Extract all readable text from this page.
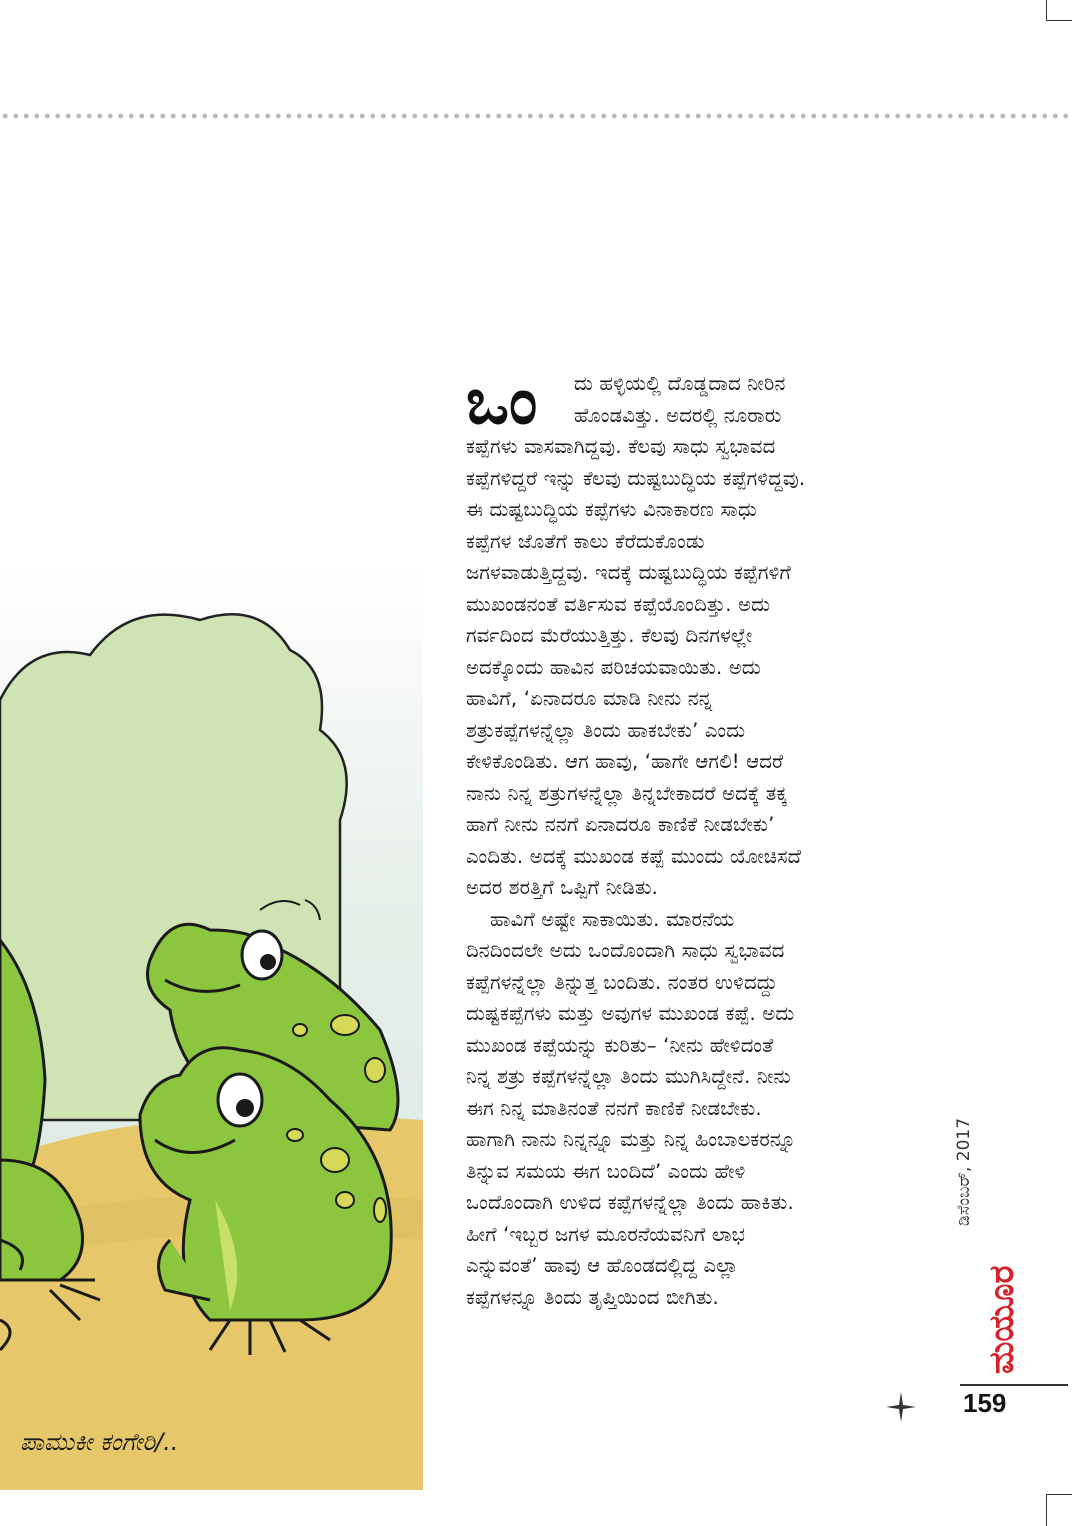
ಪಾಮುಕೀ ಕಂಗೇರಿ/..
ಒಂ	ದು ಹಳ್ಳಿಯಲ್ಲಿ ದೊಡ್ಡದಾದ ನೀರಿನ
ಹೊಂಡವಿತ್ತು. ಅದರಲ್ಲಿ ನೂರಾರು
ಕಪ್ಪೆಗಳು ವಾಸವಾಗಿದ್ದವು. ಕೆಲವು ಸಾಧು ಸ್ವಭಾವದ
ಕಪ್ಪೆಗಳಿದ್ದರೆ ಇನ್ನು ಕೆಲವು ದುಷ್ಟಬುದ್ಧಿಯ ಕಪ್ಪೆಗಳಿದ್ದವು.
ಈ ದುಷ್ಟಬುದ್ಧಿಯ ಕಪ್ಪೆಗಳು ವಿನಾಕಾರಣ ಸಾಧು
ಕಪ್ಪೆಗಳ ಜೊತೆಗೆ ಕಾಲು ಕೆರೆದುಕೊಂಡು
ಜಗಳವಾಡುತ್ತಿದ್ದವು. ಇದಕ್ಕೆ ದುಷ್ಟಬುದ್ಧಿಯ ಕಪ್ಪೆಗಳಿಗೆ
ಮುಖಂಡನಂತೆ ವರ್ತಿಸುವ ಕಪ್ಪೆಯೊಂದಿತ್ತು. ಅದು
ಗರ್ವದಿಂದ ಮೆರೆಯುತ್ತಿತ್ತು. ಕೆಲವು ದಿನಗಳಲ್ಲೇ
ಅದಕ್ಕೊಂದು ಹಾವಿನ ಪರಿಚಯವಾಯಿತು. ಅದು
ಹಾವಿಗೆ, ‘ಏನಾದರೂ ಮಾಡಿ ನೀನು ನನ್ನ
ಶತ್ರುಕಪ್ಪೆಗಳನ್ನೆಲ್ಲಾ ತಿಂದು ಹಾಕಬೇಕು’ ಎಂದು
ಕೇಳಿಕೊಂಡಿತು. ಆಗ ಹಾವು, ‘ಹಾಗೇ ಆಗಲಿ! ಆದರೆ
ನಾನು ನಿನ್ನ ಶತ್ರುಗಳನ್ನೆಲ್ಲಾ ತಿನ್ನಬೇಕಾದರೆ ಅದಕ್ಕೆ ತಕ್ಕ
ಹಾಗೆ ನೀನು ನನಗೆ ಏನಾದರೂ ಕಾಣಿಕೆ ನೀಡಬೇಕು’
ಎಂದಿತು. ಅದಕ್ಕೆ ಮುಖಂಡ ಕಪ್ಪೆ ಮುಂದು ಯೋಚಿಸದೆ
ಅದರ ಶರತ್ತಿಗೆ ಒಪ್ಪಿಗೆ ನೀಡಿತು.
ಹಾವಿಗೆ ಅಷ್ಟೇ ಸಾಕಾಯಿತು. ಮಾರನೆಯ
ದಿನದಿಂದಲೇ ಅದು ಒಂದೊಂದಾಗಿ ಸಾಧು ಸ್ವಭಾವದ
ಕಪ್ಪೆಗಳನ್ನೆಲ್ಲಾ ತಿನ್ನುತ್ತ ಬಂದಿತು. ನಂತರ ಉಳಿದದ್ದು
ದುಷ್ಟಕಪ್ಪೆಗಳು ಮತ್ತು ಅವುಗಳ ಮುಖಂಡ ಕಪ್ಪೆ. ಅದು
ಮುಖಂಡ ಕಪ್ಪೆಯನ್ನು ಕುರಿತು– ‘ನೀನು ಹೇಳಿದಂತೆ
ನಿನ್ನ ಶತ್ರು ಕಪ್ಪೆಗಳನ್ನೆಲ್ಲಾ ತಿಂದು ಮುಗಿಸಿದ್ದೇನೆ. ನೀನು
ಈಗ ನಿನ್ನ ಮಾತಿನಂತೆ ನನಗೆ ಕಾಣಿಕೆ ನೀಡಬೇಕು.
ಹಾಗಾಗಿ ನಾನು ನಿನ್ನನ್ನೂ ಮತ್ತು ನಿನ್ನ ಹಿಂಬಾಲಕರನ್ನೂ
ತಿನ್ನುವ ಸಮಯ ಈಗ ಬಂದಿದೆ’ ಎಂದು ಹೇಳಿ
ಒಂದೊಂದಾಗಿ ಉಳಿದ ಕಪ್ಪೆಗಳನ್ನೆಲ್ಲಾ ತಿಂದು ಹಾಕಿತು.
ಹೀಗೆ ‘ಇಬ್ಬರ ಜಗಳ ಮೂರನೆಯವನಿಗೆ ಲಾಭ
ಎನ್ನುವಂತೆ’ ಹಾವು ಆ ಹೊಂಡದಲ್ಲಿದ್ದ ಎಲ್ಲಾ
ಕಪ್ಪೆಗಳನ್ನೂ ತಿಂದು ತೃಪ್ತಿಯಿಂದ ಬೀಗಿತು.	ಮಯೂರ
ಡಿಸೆಂಬರ್, 2017
159
